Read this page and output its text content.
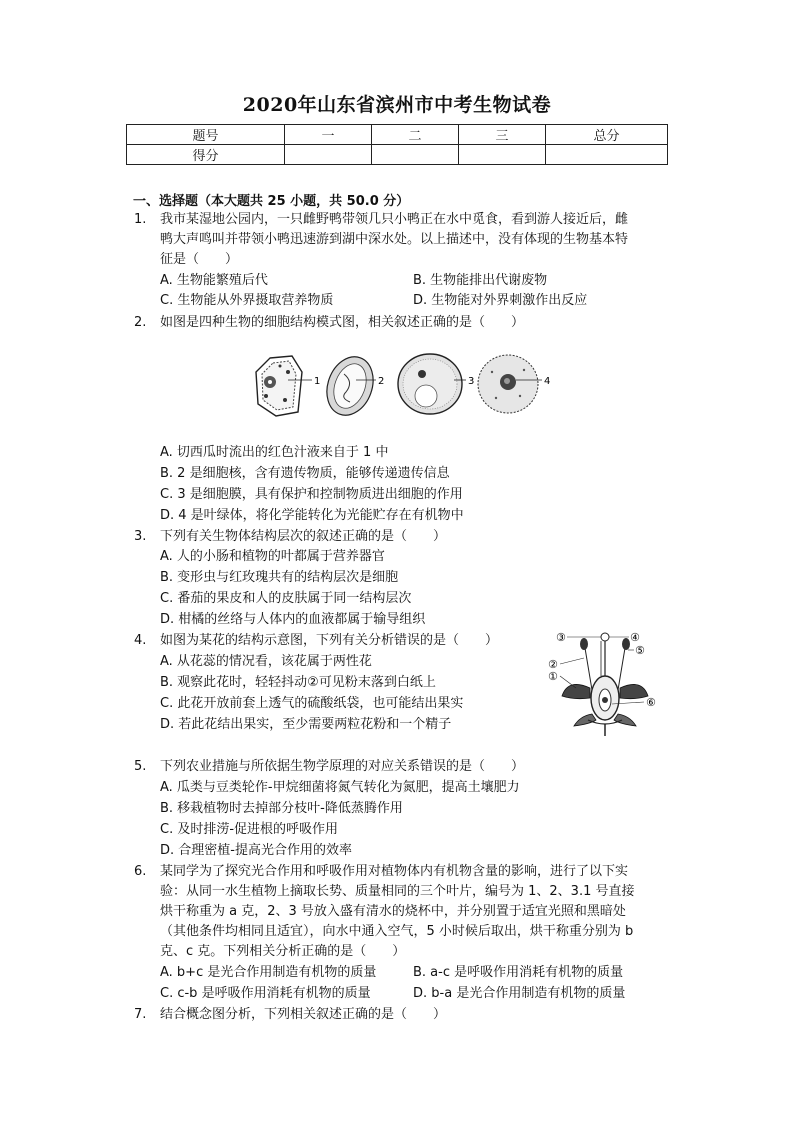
2020年山东省滨州市中考生物试卷
题号	一	二	三	总分
得分				
一、选择题（本大题共 25 小题，共 50.0 分）
1. 我市某湿地公园内，一只雌野鸭带领几只小鸭正在水中觅食，看到游人接近后，雌
鸭大声鸣叫并带领小鸭迅速游到湖中深水处。以上描述中，没有体现的生物基本特
征是（　　）
A. 生物能繁殖后代	B. 生物能排出代谢废物
C. 生物能从外界摄取营养物质	D. 生物能对外界刺激作出反应
2. 如图是四种生物的细胞结构模式图，相关叙述正确的是（　　）
1	2	3	4
A. 切西瓜时流出的红色汁液来自于 1 中
B. 2 是细胞核，含有遗传物质，能够传递遗传信息
C. 3 是细胞膜，具有保护和控制物质进出细胞的作用
D. 4 是叶绿体，将化学能转化为光能贮存在有机物中
3. 下列有关生物体结构层次的叙述正确的是（　　）
A. 人的小肠和植物的叶都属于营养器官
B. 变形虫与红玫瑰共有的结构层次是细胞
C. 番茄的果皮和人的皮肤属于同一结构层次
D. 柑橘的丝络与人体内的血液都属于输导组织
4. 如图为某花的结构示意图，下列有关分析错误的是（　　）
A. 从花蕊的情况看，该花属于两性花
B. 观察此花时，轻轻抖动②可见粉末落到白纸上
C. 此花开放前套上透气的硫酸纸袋，也可能结出果实
D. 若此花结出果实，至少需要两粒花粉和一个精子
③	④
⑤
②
①
⑥
5. 下列农业措施与所依据生物学原理的对应关系错误的是（　　）
A. 瓜类与豆类轮作-甲烷细菌将氮气转化为氮肥，提高土壤肥力
B. 移栽植物时去掉部分枝叶-降低蒸腾作用
C. 及时排涝-促进根的呼吸作用
D. 合理密植-提高光合作用的效率
6. 某同学为了探究光合作用和呼吸作用对植物体内有机物含量的影响，进行了以下实
验：从同一水生植物上摘取长势、质量相同的三个叶片，编号为 1、2、3.1 号直接
烘干称重为 a 克，2、3 号放入盛有清水的烧杯中，并分别置于适宜光照和黑暗处
（其他条件均相同且适宜），向水中通入空气，5 小时候后取出，烘干称重分别为 b
克、c 克。下列相关分析正确的是（　　）
A. b+c 是光合作用制造有机物的质量	B. a-c 是呼吸作用消耗有机物的质量
C. c-b 是呼吸作用消耗有机物的质量	D. b-a 是光合作用制造有机物的质量
7. 结合概念图分析，下列相关叙述正确的是（　　）
